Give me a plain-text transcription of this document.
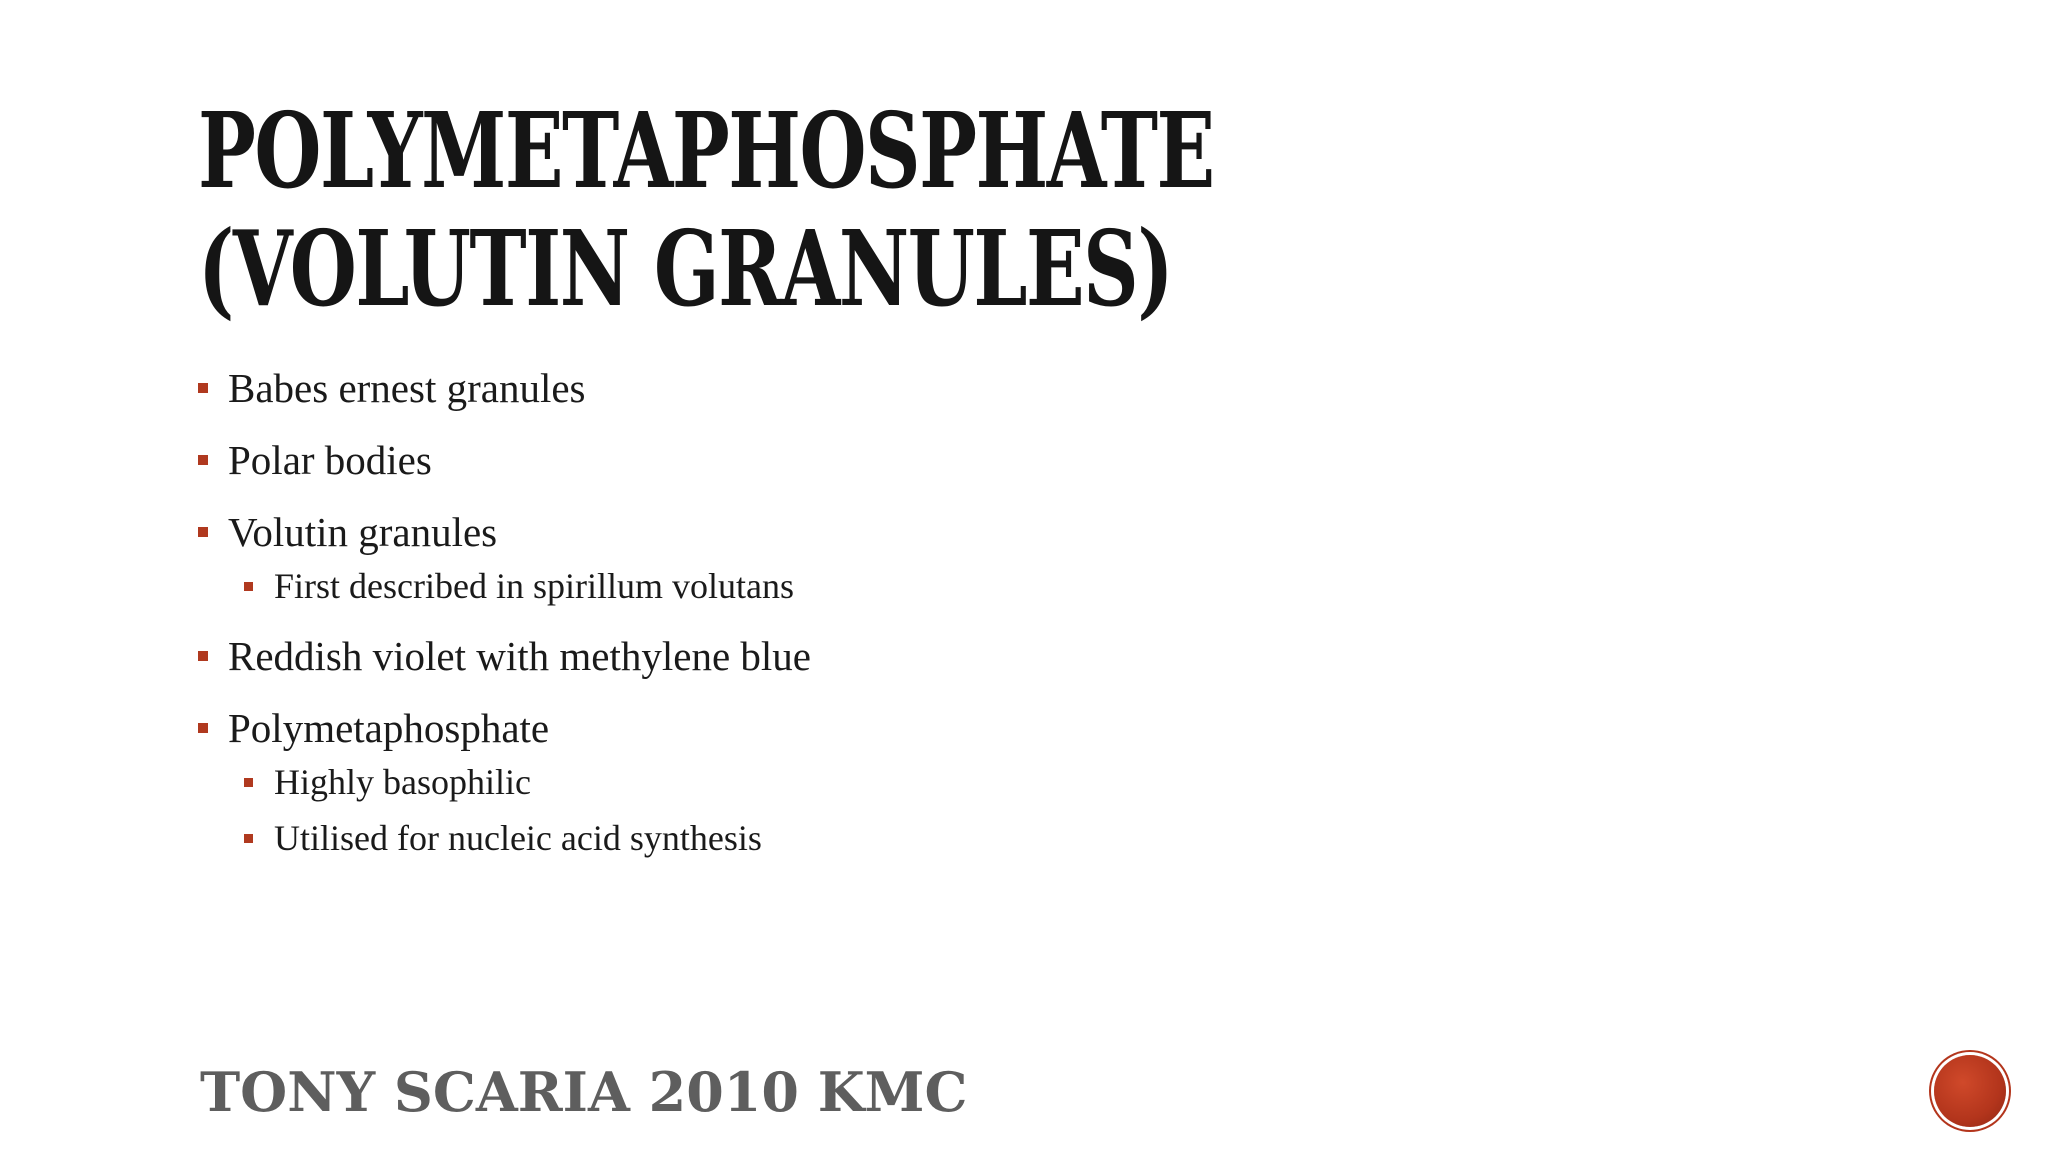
POLYMETAPHOSPHATE (VOLUTIN GRANULES)
Babes ernest granules
Polar bodies
Volutin granules
First described in spirillum volutans
Reddish violet with methylene blue
Polymetaphosphate
Highly basophilic
Utilised for nucleic acid synthesis
TONY SCARIA 2010 KMC
